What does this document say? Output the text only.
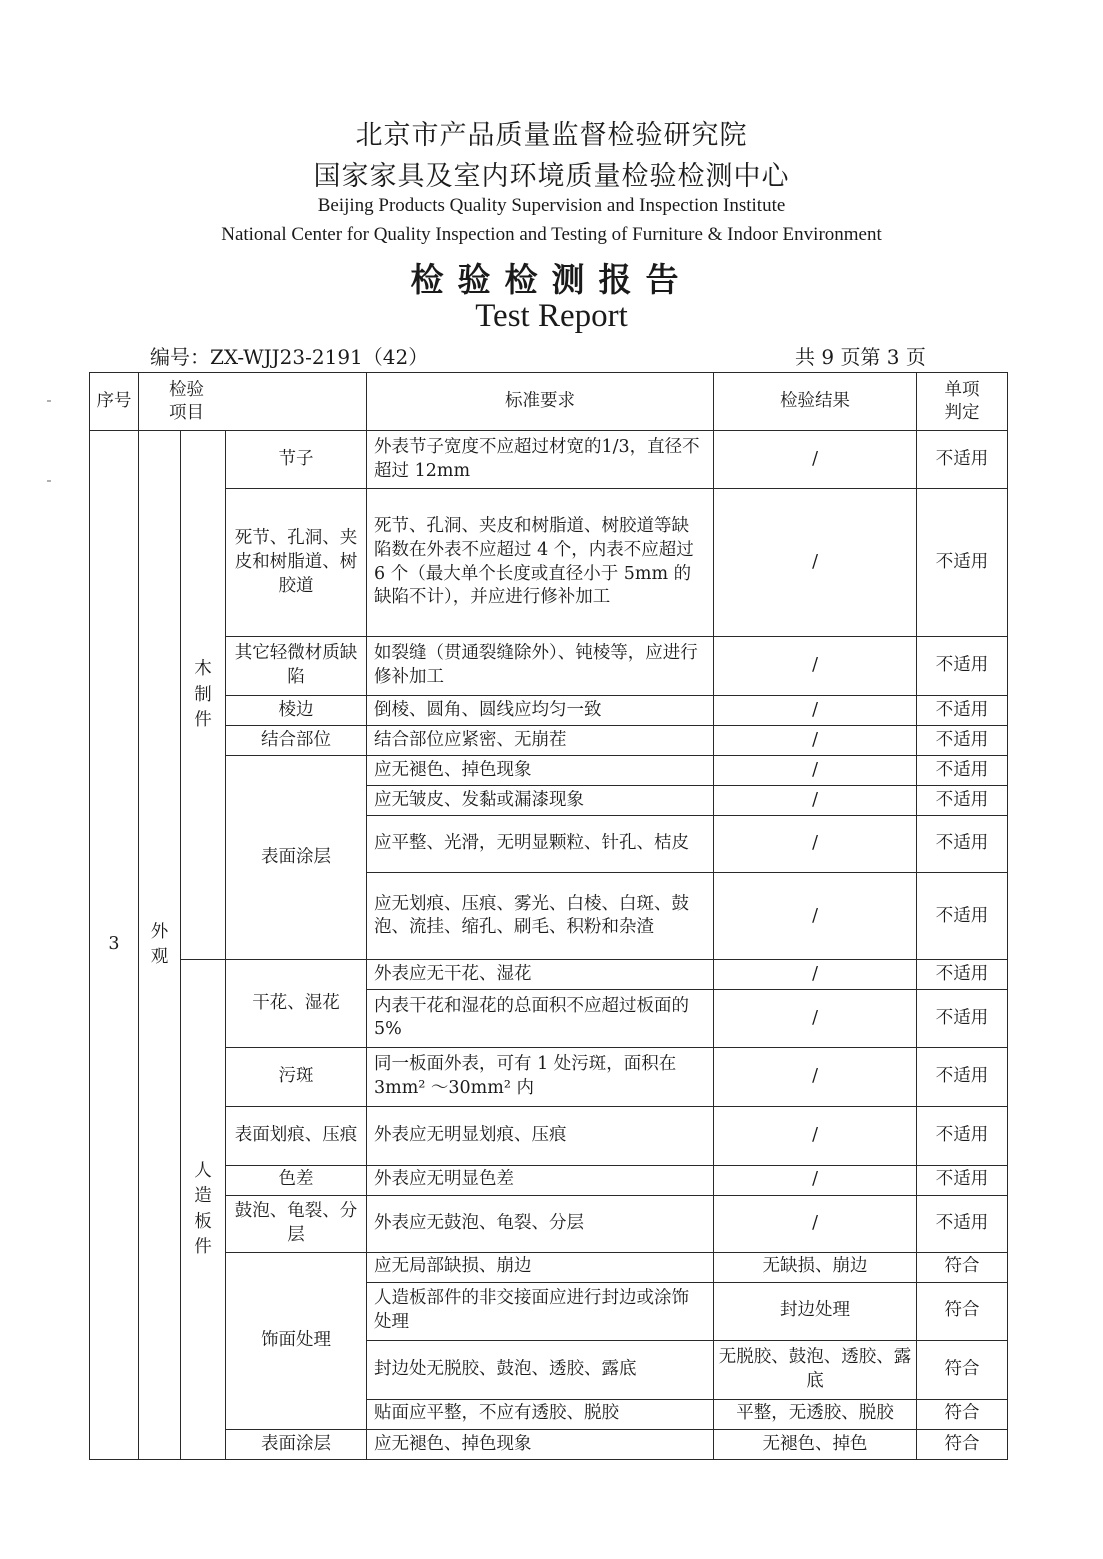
北京市产品质量监督检验研究院
国家家具及室内环境质量检验检测中心
Beijing Products Quality Supervision and Inspection Institute
National Center for Quality Inspection and Testing of Furniture & Indoor Environment
检验检测报告
Test Report
编号：ZX-WJJ23-2191（42）	共 9 页第 3 页
序号	检验项目			标准要求	检验结果	单项判定

3	外观	木制件	节子	外表节子宽度不应超过材宽的1/3，直径不超过 12mm	/	不适用
			死节、孔洞、夹皮和树脂道、树胶道	死节、孔洞、夹皮和树脂道、树胶道等缺陷数在外表不应超过 4 个，内表不应超过 6 个（最大单个长度或直径小于 5mm 的缺陷不计），并应进行修补加工	/	不适用
			其它轻微材质缺陷	如裂缝（贯通裂缝除外）、钝棱等，应进行修补加工	/	不适用
			棱边	倒棱、圆角、圆线应均匀一致	/	不适用
			结合部位	结合部位应紧密、无崩茬	/	不适用
			表面涂层	应无褪色、掉色现象	/	不适用
				应无皱皮、发黏或漏漆现象	/	不适用
				应平整、光滑，无明显颗粒、针孔、桔皮	/	不适用
				应无划痕、压痕、雾光、白棱、白斑、鼓泡、流挂、缩孔、刷毛、积粉和杂渣	/	不适用

		人造板件	干花、湿花	外表应无干花、湿花	/	不适用
				内表干花和湿花的总面积不应超过板面的 5%	/	不适用
			污斑	同一板面外表，可有 1 处污斑，面积在 3mm² ～30mm² 内	/	不适用
			表面划痕、压痕	外表应无明显划痕、压痕	/	不适用
			色差	外表应无明显色差	/	不适用
			鼓泡、龟裂、分层	外表应无鼓泡、龟裂、分层	/	不适用
			饰面处理	应无局部缺损、崩边	无缺损、崩边	符合
				人造板部件的非交接面应进行封边或涂饰处理	封边处理	符合
				封边处无脱胶、鼓泡、透胶、露底	无脱胶、鼓泡、透胶、露底	符合
				贴面应平整，不应有透胶、脱胶	平整，无透胶、脱胶	符合
			表面涂层	应无褪色、掉色现象	无褪色、掉色	符合
